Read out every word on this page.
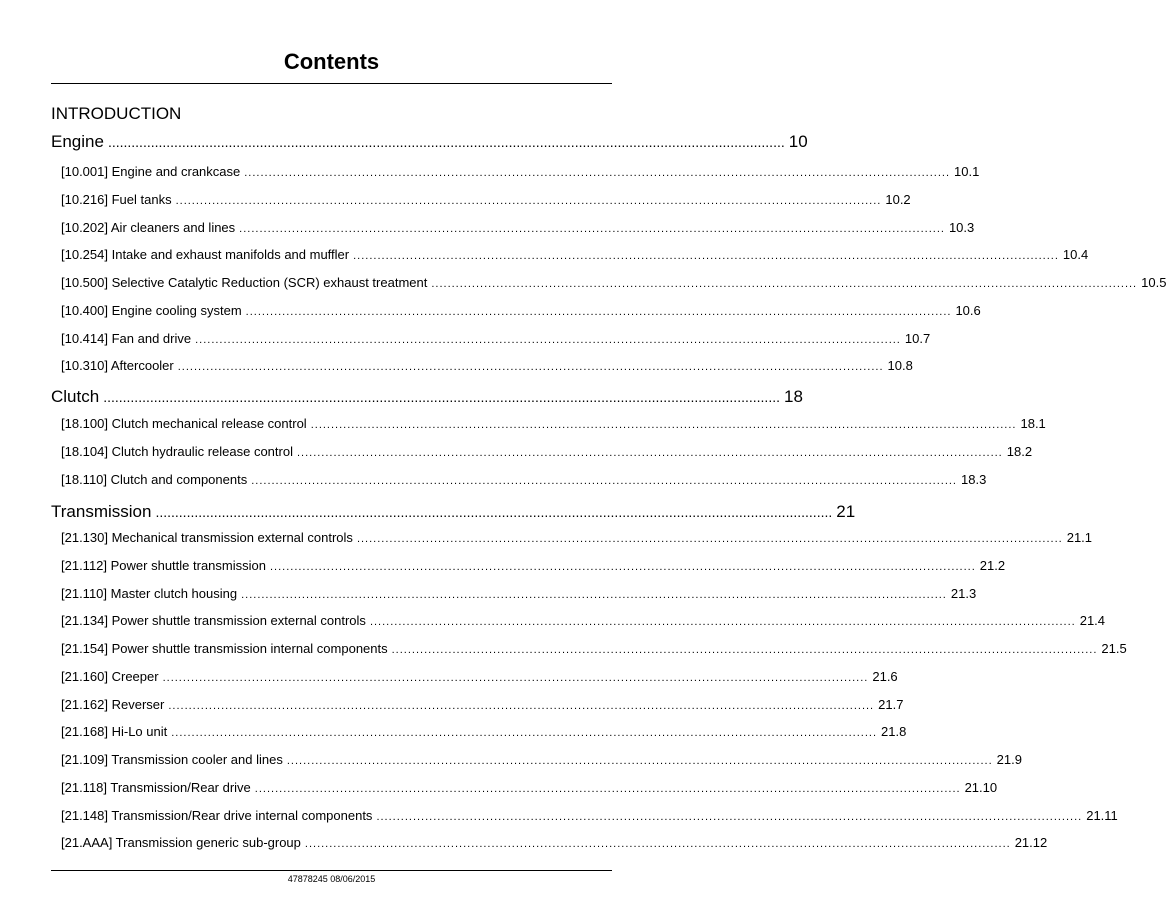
Contents
INTRODUCTION
Engine .............................................................................................................................................................................. 10
[10.001] Engine and crankcase .............................................................................................................................................................................. 10.1
[10.216] Fuel tanks .............................................................................................................................................................................. 10.2
[10.202] Air cleaners and lines .............................................................................................................................................................................. 10.3
[10.254] Intake and exhaust manifolds and muffler .............................................................................................................................................................................. 10.4
[10.500] Selective Catalytic Reduction (SCR) exhaust treatment .............................................................................................................................................................................. 10.5
[10.400] Engine cooling system .............................................................................................................................................................................. 10.6
[10.414] Fan and drive .............................................................................................................................................................................. 10.7
[10.310] Aftercooler .............................................................................................................................................................................. 10.8
Clutch .............................................................................................................................................................................. 18
[18.100] Clutch mechanical release control .............................................................................................................................................................................. 18.1
[18.104] Clutch hydraulic release control .............................................................................................................................................................................. 18.2
[18.110] Clutch and components .............................................................................................................................................................................. 18.3
Transmission .............................................................................................................................................................................. 21
[21.130] Mechanical transmission external controls .............................................................................................................................................................................. 21.1
[21.112] Power shuttle transmission .............................................................................................................................................................................. 21.2
[21.110] Master clutch housing .............................................................................................................................................................................. 21.3
[21.134] Power shuttle transmission external controls .............................................................................................................................................................................. 21.4
[21.154] Power shuttle transmission internal components .............................................................................................................................................................................. 21.5
[21.160] Creeper .............................................................................................................................................................................. 21.6
[21.162] Reverser .............................................................................................................................................................................. 21.7
[21.168] Hi-Lo unit .............................................................................................................................................................................. 21.8
[21.109] Transmission cooler and lines .............................................................................................................................................................................. 21.9
[21.118] Transmission/Rear drive .............................................................................................................................................................................. 21.10
[21.148] Transmission/Rear drive internal components .............................................................................................................................................................................. 21.11
[21.AAA] Transmission generic sub-group .............................................................................................................................................................................. 21.12
47878245 08/06/2015
